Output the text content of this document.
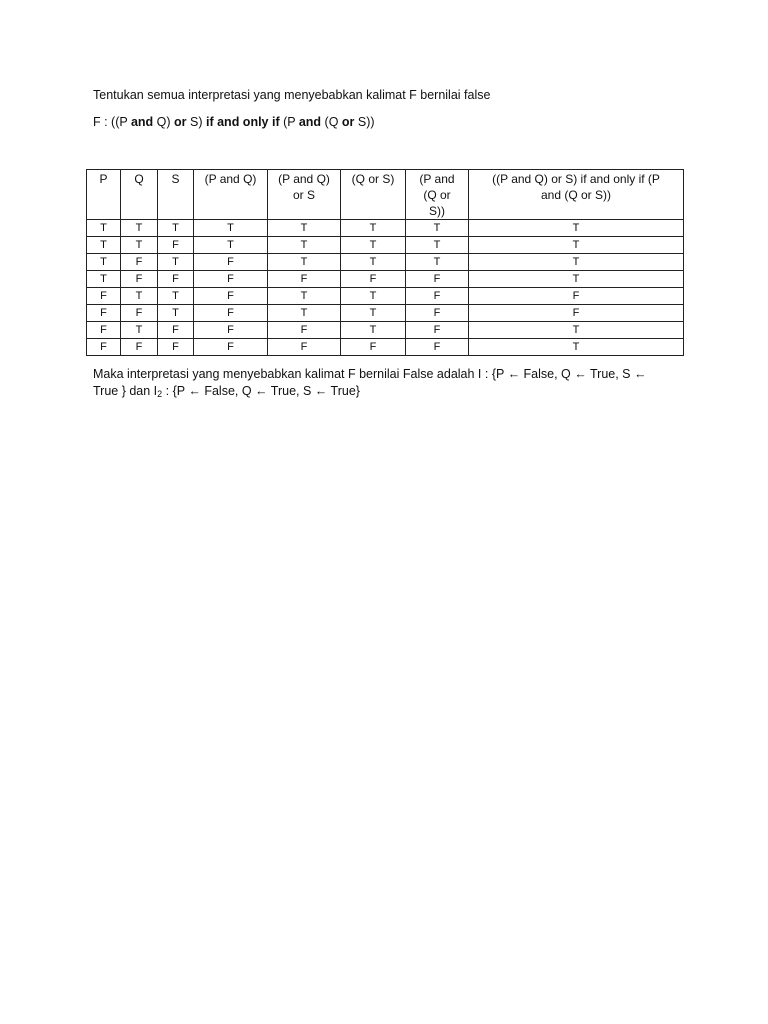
Tentukan semua interpretasi yang menyebabkan kalimat F bernilai false
F : ((P and Q) or S) if and only if (P and (Q or S))
P	Q	S	(P and Q)	(P and Q) or S	(Q or S)	(P and (Q or S))	((P and Q) or S) if and only if (P and (Q or S))
T	T	T	T	T	T	T	T
T	T	F	T	T	T	T	T
T	F	T	F	T	T	T	T
T	F	F	F	F	F	F	T
F	T	T	F	T	T	F	F
F	F	T	F	T	T	F	F
F	T	F	F	F	T	F	T
F	F	F	F	F	F	F	T
Maka interpretasi yang menyebabkan kalimat F bernilai False adalah I : {P ← False, Q ← True, S ← True } dan $I_2$ : {P ← False, Q ← True, S ← True}
